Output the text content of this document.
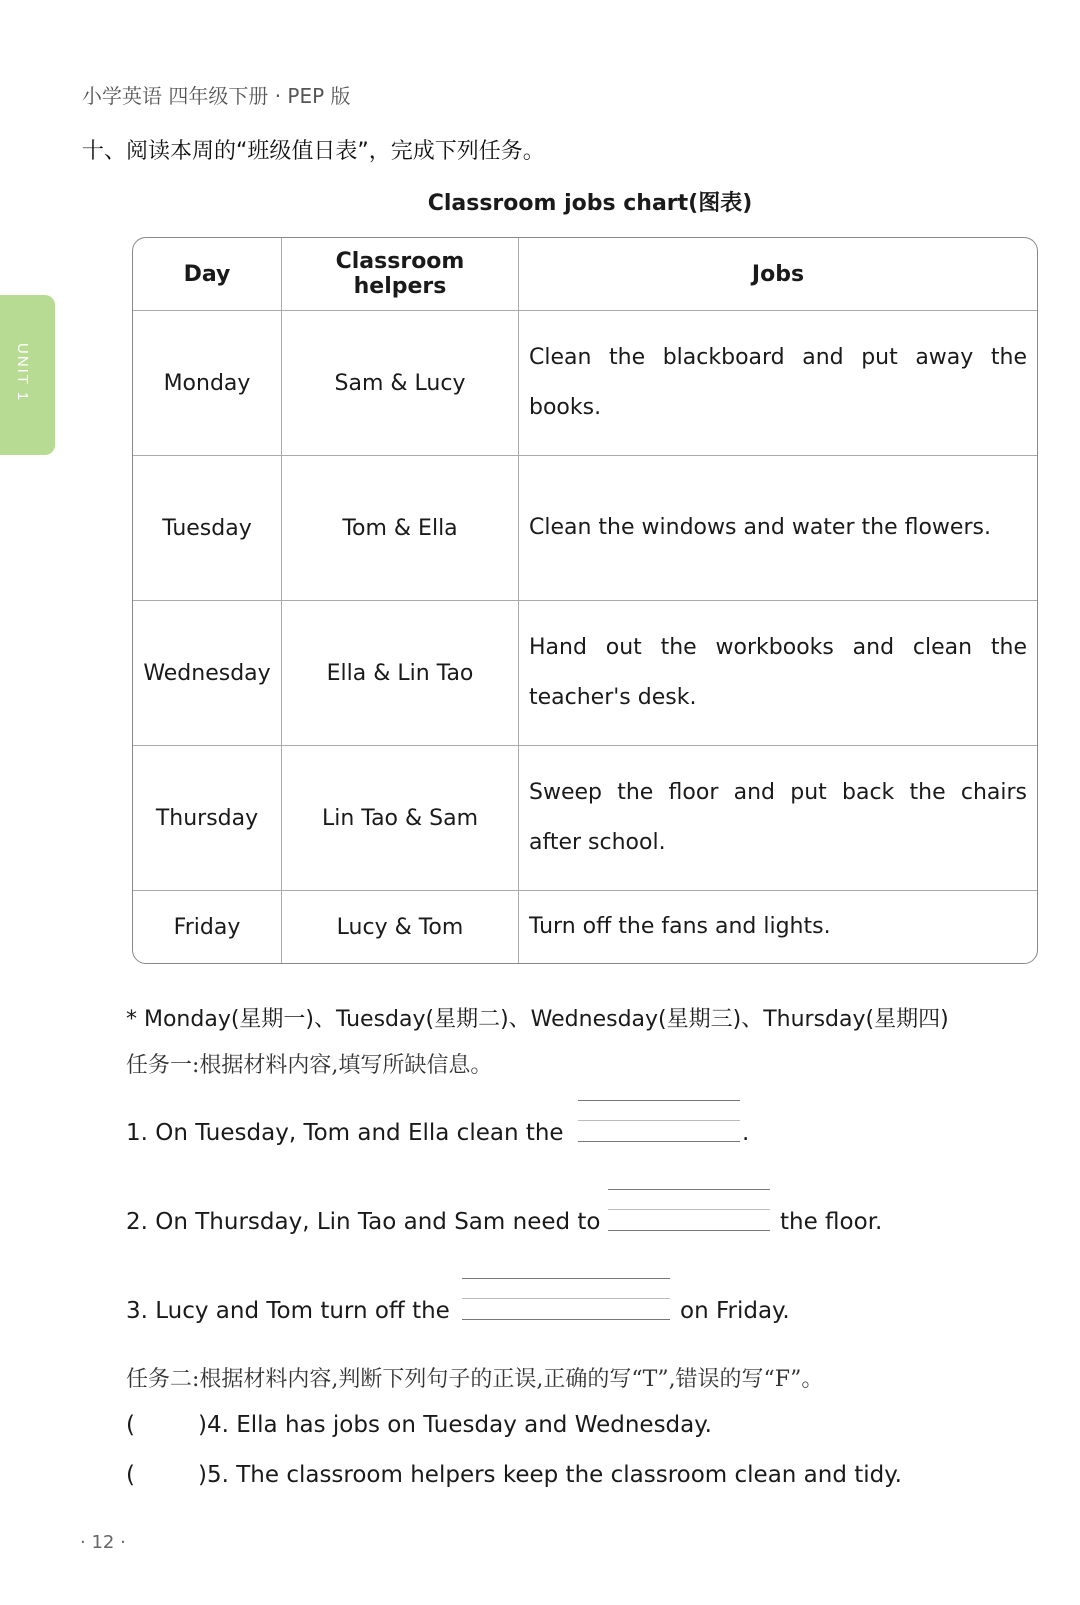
小学英语 四年级下册 · PEP 版
UNIT 1
十、阅读本周的“班级值日表”，完成下列任务。
Classroom jobs chart(图表)
Day	Classroom helpers	Jobs
Monday	Sam & Lucy	Clean the blackboard and put away the books.
Tuesday	Tom & Ella	Clean the windows and water the flowers.
Wednesday	Ella & Lin Tao	Hand out the workbooks and clean the teacher's desk.
Thursday	Lin Tao & Sam	Sweep the floor and put back the chairs after school.
Friday	Lucy & Tom	Turn off the fans and lights.
* Monday(星期一)、Tuesday(星期二)、Wednesday(星期三)、Thursday(星期四)
任务一:根据材料内容,填写所缺信息。
1. On Tuesday, Tom and Ella clean the	.
2. On Thursday, Lin Tao and Sam need to	the floor.
3. Lucy and Tom turn off the	on Friday.
任务二:根据材料内容,判断下列句子的正误,正确的写“T”,错误的写“F”。
(	)4. Ella has jobs on Tuesday and Wednesday.
(	)5. The classroom helpers keep the classroom clean and tidy.
· 12 ·
